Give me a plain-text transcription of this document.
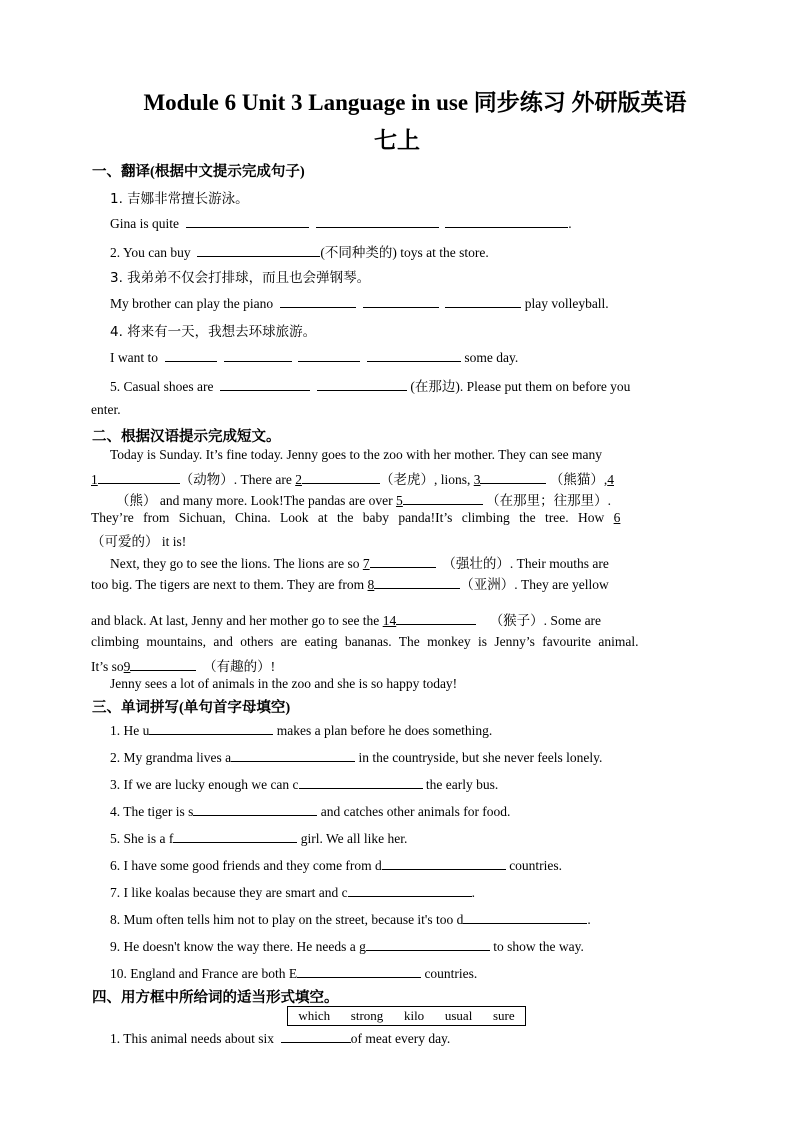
Module 6 Unit 3 Language in use 同步练习 外研版英语
七上
一、翻译(根据中文提示完成句子)
1. 吉娜非常擅长游泳。
Gina is quite	.
2. You can buy	(不同种类的) toys at the store.
3. 我弟弟不仅会打排球，而且也会弹钢琴。
My brother can play the piano	play volleyball.
4. 将来有一天，我想去环球旅游。
I want to	some day.
5. Casual shoes are	(在那边). Please put them on before you
enter.
二、根据汉语提示完成短文。
Today is Sunday. It’s fine today. Jenny goes to the zoo with her mother. They can see many
1	（动物）. There are 2	（老虎）, lions, 3	（熊猫）,4
（熊） and many more. Look!The pandas are over 5	（在那里；往那里）.
They’re from Sichuan, China. Look at the baby panda!It’s climbing the tree. How 6
（可爱的） it is!
Next, they go to see the lions. The lions are so 7	（强壮的）. Their mouths are
too big. The tigers are next to them. They are from 8	（亚洲）. They are yellow
and black. At last, Jenny and her mother go to see the 14	（猴子）. Some are
climbing mountains, and others are eating bananas. The monkey is Jenny’s favourite animal.
It’s so9	（有趣的）!
Jenny sees a lot of animals in the zoo and she is so happy today!
三、单词拼写(单句首字母填空)
1. He u	makes a plan before he does something.
2. My grandma lives a	in the countryside, but she never feels lonely.
3. If we are lucky enough we can c	the early bus.
4. The tiger is s	and catches other animals for food.
5. She is a f	girl. We all like her.
6. I have some good friends and they come from d	countries.
7. I like koalas because they are smart and c	.
8. Mum often tells him not to play on the street, because it's too d	.
9. He doesn't know the way there. He needs a g	to show the way.
10. England and France are both E	countries.
四、用方框中所给词的适当形式填空。
which strong kilo usual sure
1. This animal needs about six	of meat every day.
